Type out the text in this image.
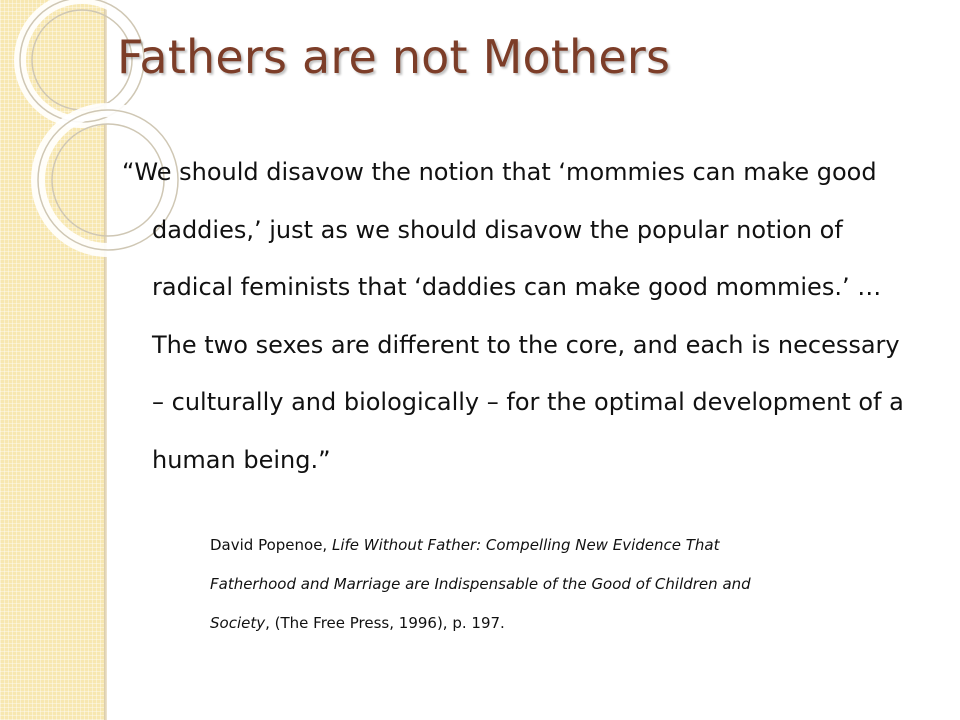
Fathers are not Mothers

“We should disavow the notion that ‘mommies can make good daddies,’ just as we should disavow the popular notion of radical feminists that ‘daddies can make good mommies.’ …The two sexes are different to the core, and each is necessary – culturally and biologically – for the optimal development of a human being.”

David Popenoe, Life Without Father: Compelling New Evidence That Fatherhood and Marriage are Indispensable of the Good of Children and Society, (The Free Press, 1996), p. 197.
